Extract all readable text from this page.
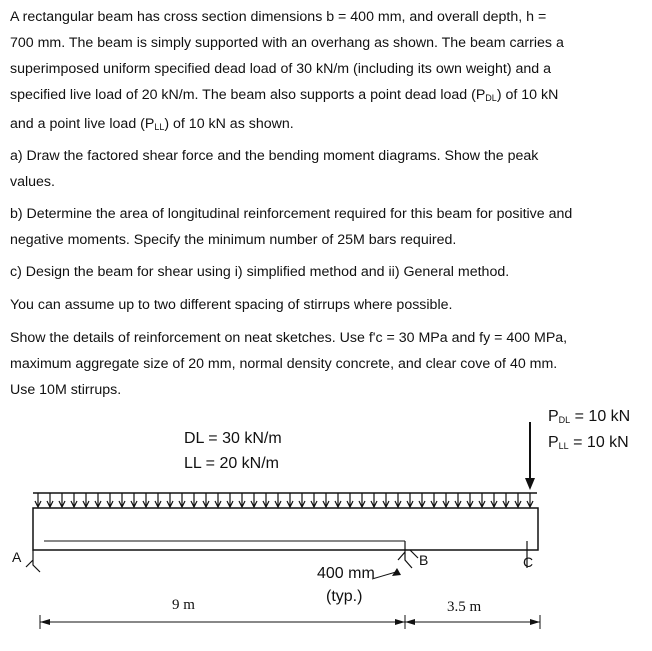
A rectangular beam has cross section dimensions b = 400 mm, and overall depth, h =

700 mm. The beam is simply supported with an overhang as shown. The beam carries a

superimposed uniform specified dead load of 30 kN/m (including its own weight) and a

specified live load of 20 kN/m. The beam also supports a point dead load $(P_{DL})$ of 10 kN

and a point live load $(P_{LL})$ of 10 kN as shown.

a) Draw the factored shear force and the bending moment diagrams. Show the peak

values.

b) Determine the area of longitudinal reinforcement required for this beam for positive and

negative moments. Specify the minimum number of 25M bars required.

c) Design the beam for shear using i) simplified method and ii) General method.

You can assume up to two different spacing of stirrups where possible.

Show the details of reinforcement on neat sketches. Use f'c = 30 MPa and fy = 400 MPa,

maximum aggregate size of 20 mm, normal density concrete, and clear cove of 40 mm.

Use 10M stirrups.

DL = 30 kN/m
LL = 20 kN/m
$P_{DL} = 10$ kN
$P_{LL} = 10$ kN
A	B	C
400 mm
(typ.)
9 m	3.5 m
